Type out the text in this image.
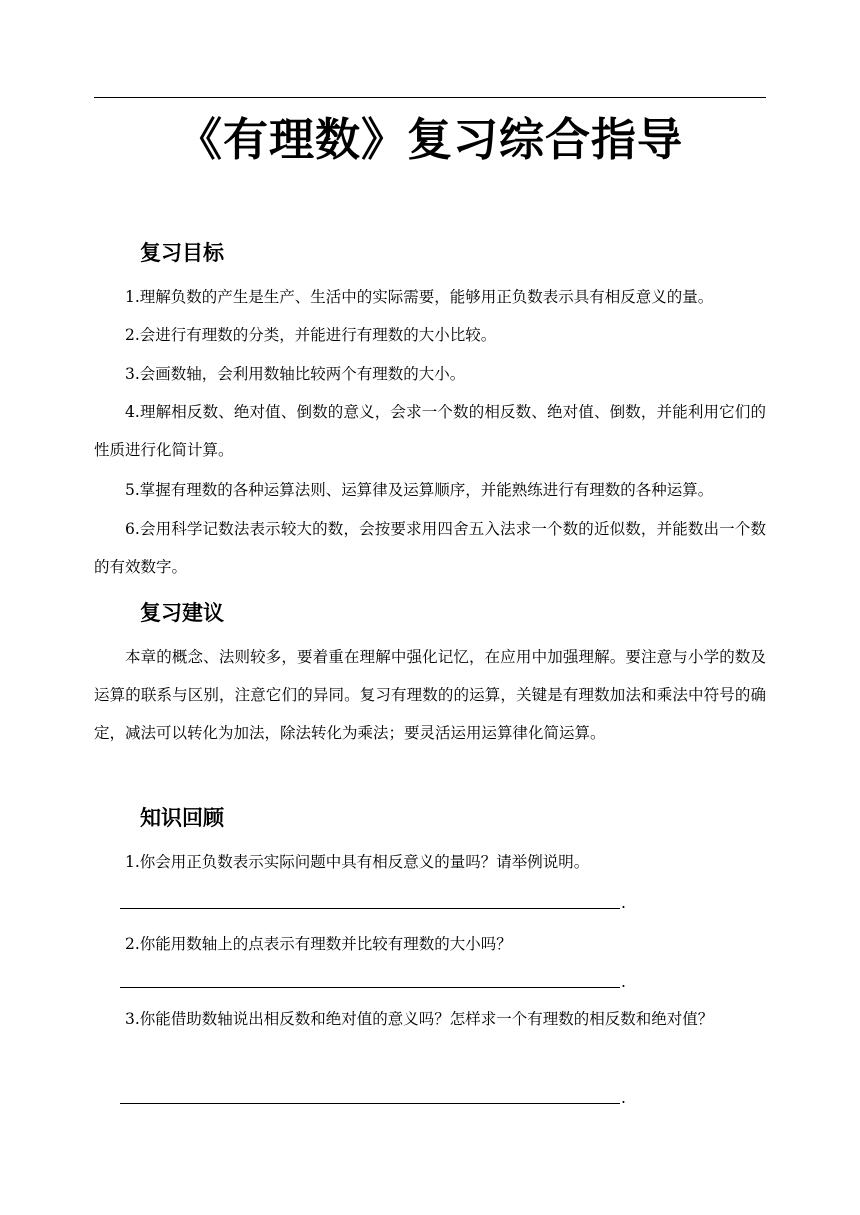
《有理数》复习综合指导
复习目标
1.理解负数的产生是生产、生活中的实际需要，能够用正负数表示具有相反意义的量。
2.会进行有理数的分类，并能进行有理数的大小比较。
3.会画数轴，会利用数轴比较两个有理数的大小。
4.理解相反数、绝对值、倒数的意义，会求一个数的相反数、绝对值、倒数，并能利用它们的性质进行化简计算。
5.掌握有理数的各种运算法则、运算律及运算顺序，并能熟练进行有理数的各种运算。
6.会用科学记数法表示较大的数，会按要求用四舍五入法求一个数的近似数，并能数出一个数的有效数字。
复习建议
本章的概念、法则较多，要着重在理解中强化记忆，在应用中加强理解。要注意与小学的数及运算的联系与区别，注意它们的异同。复习有理数的的运算，关键是有理数加法和乘法中符号的确定，减法可以转化为加法，除法转化为乘法；要灵活运用运算律化简运算。
知识回顾
1.你会用正负数表示实际问题中具有相反意义的量吗？请举例说明。
.
2.你能用数轴上的点表示有理数并比较有理数的大小吗？
.
3.你能借助数轴说出相反数和绝对值的意义吗？怎样求一个有理数的相反数和绝对值？
.
